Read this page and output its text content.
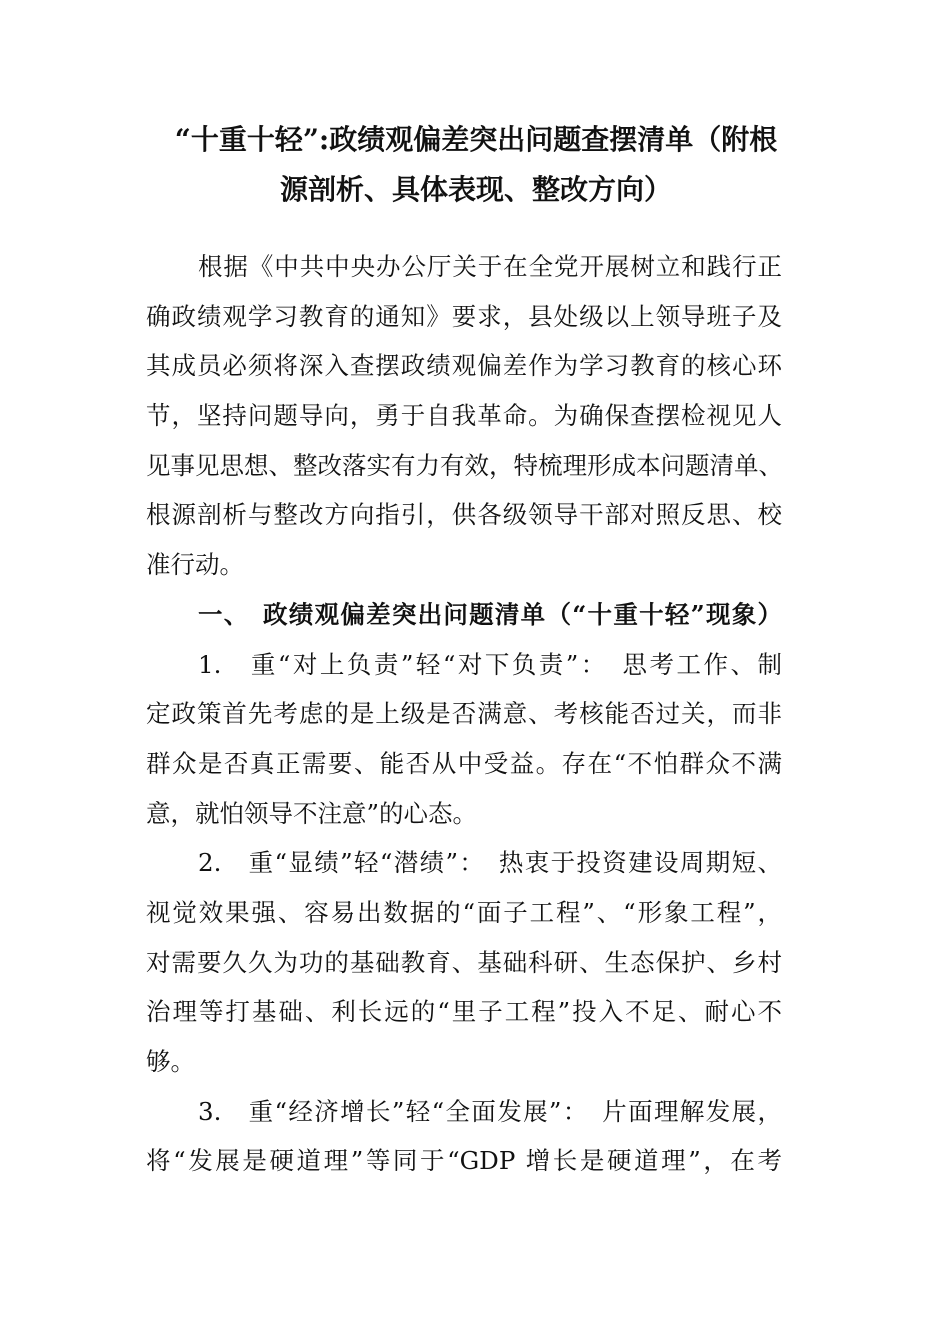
“十重十轻”:政绩观偏差突出问题查摆清单（附根
源剖析、具体表现、整改方向）
根据《中共中央办公厅关于在全党开展树立和践行正
确政绩观学习教育的通知》要求，县处级以上领导班子及
其成员必须将深入查摆政绩观偏差作为学习教育的核心环
节，坚持问题导向，勇于自我革命。为确保查摆检视见人
见事见思想、整改落实有力有效，特梳理形成本问题清单、
根源剖析与整改方向指引，供各级领导干部对照反思、校
准行动。
一、　政绩观偏差突出问题清单（“十重十轻”现象）
1.　重“对上负责”轻“对下负责”：　思考工作、制
定政策首先考虑的是上级是否满意、考核能否过关，而非
群众是否真正需要、能否从中受益。存在“不怕群众不满
意，就怕领导不注意”的心态。
2.　重“显绩”轻“潜绩”：　热衷于投资建设周期短、
视觉效果强、容易出数据的“面子工程”、“形象工程”，
对需要久久为功的基础教育、基础科研、生态保护、乡村
治理等打基础、利长远的“里子工程”投入不足、耐心不
够。
3.　重“经济增长”轻“全面发展”：　片面理解发展，
将“发展是硬道理”等同于“GDP 增长是硬道理”，在考
